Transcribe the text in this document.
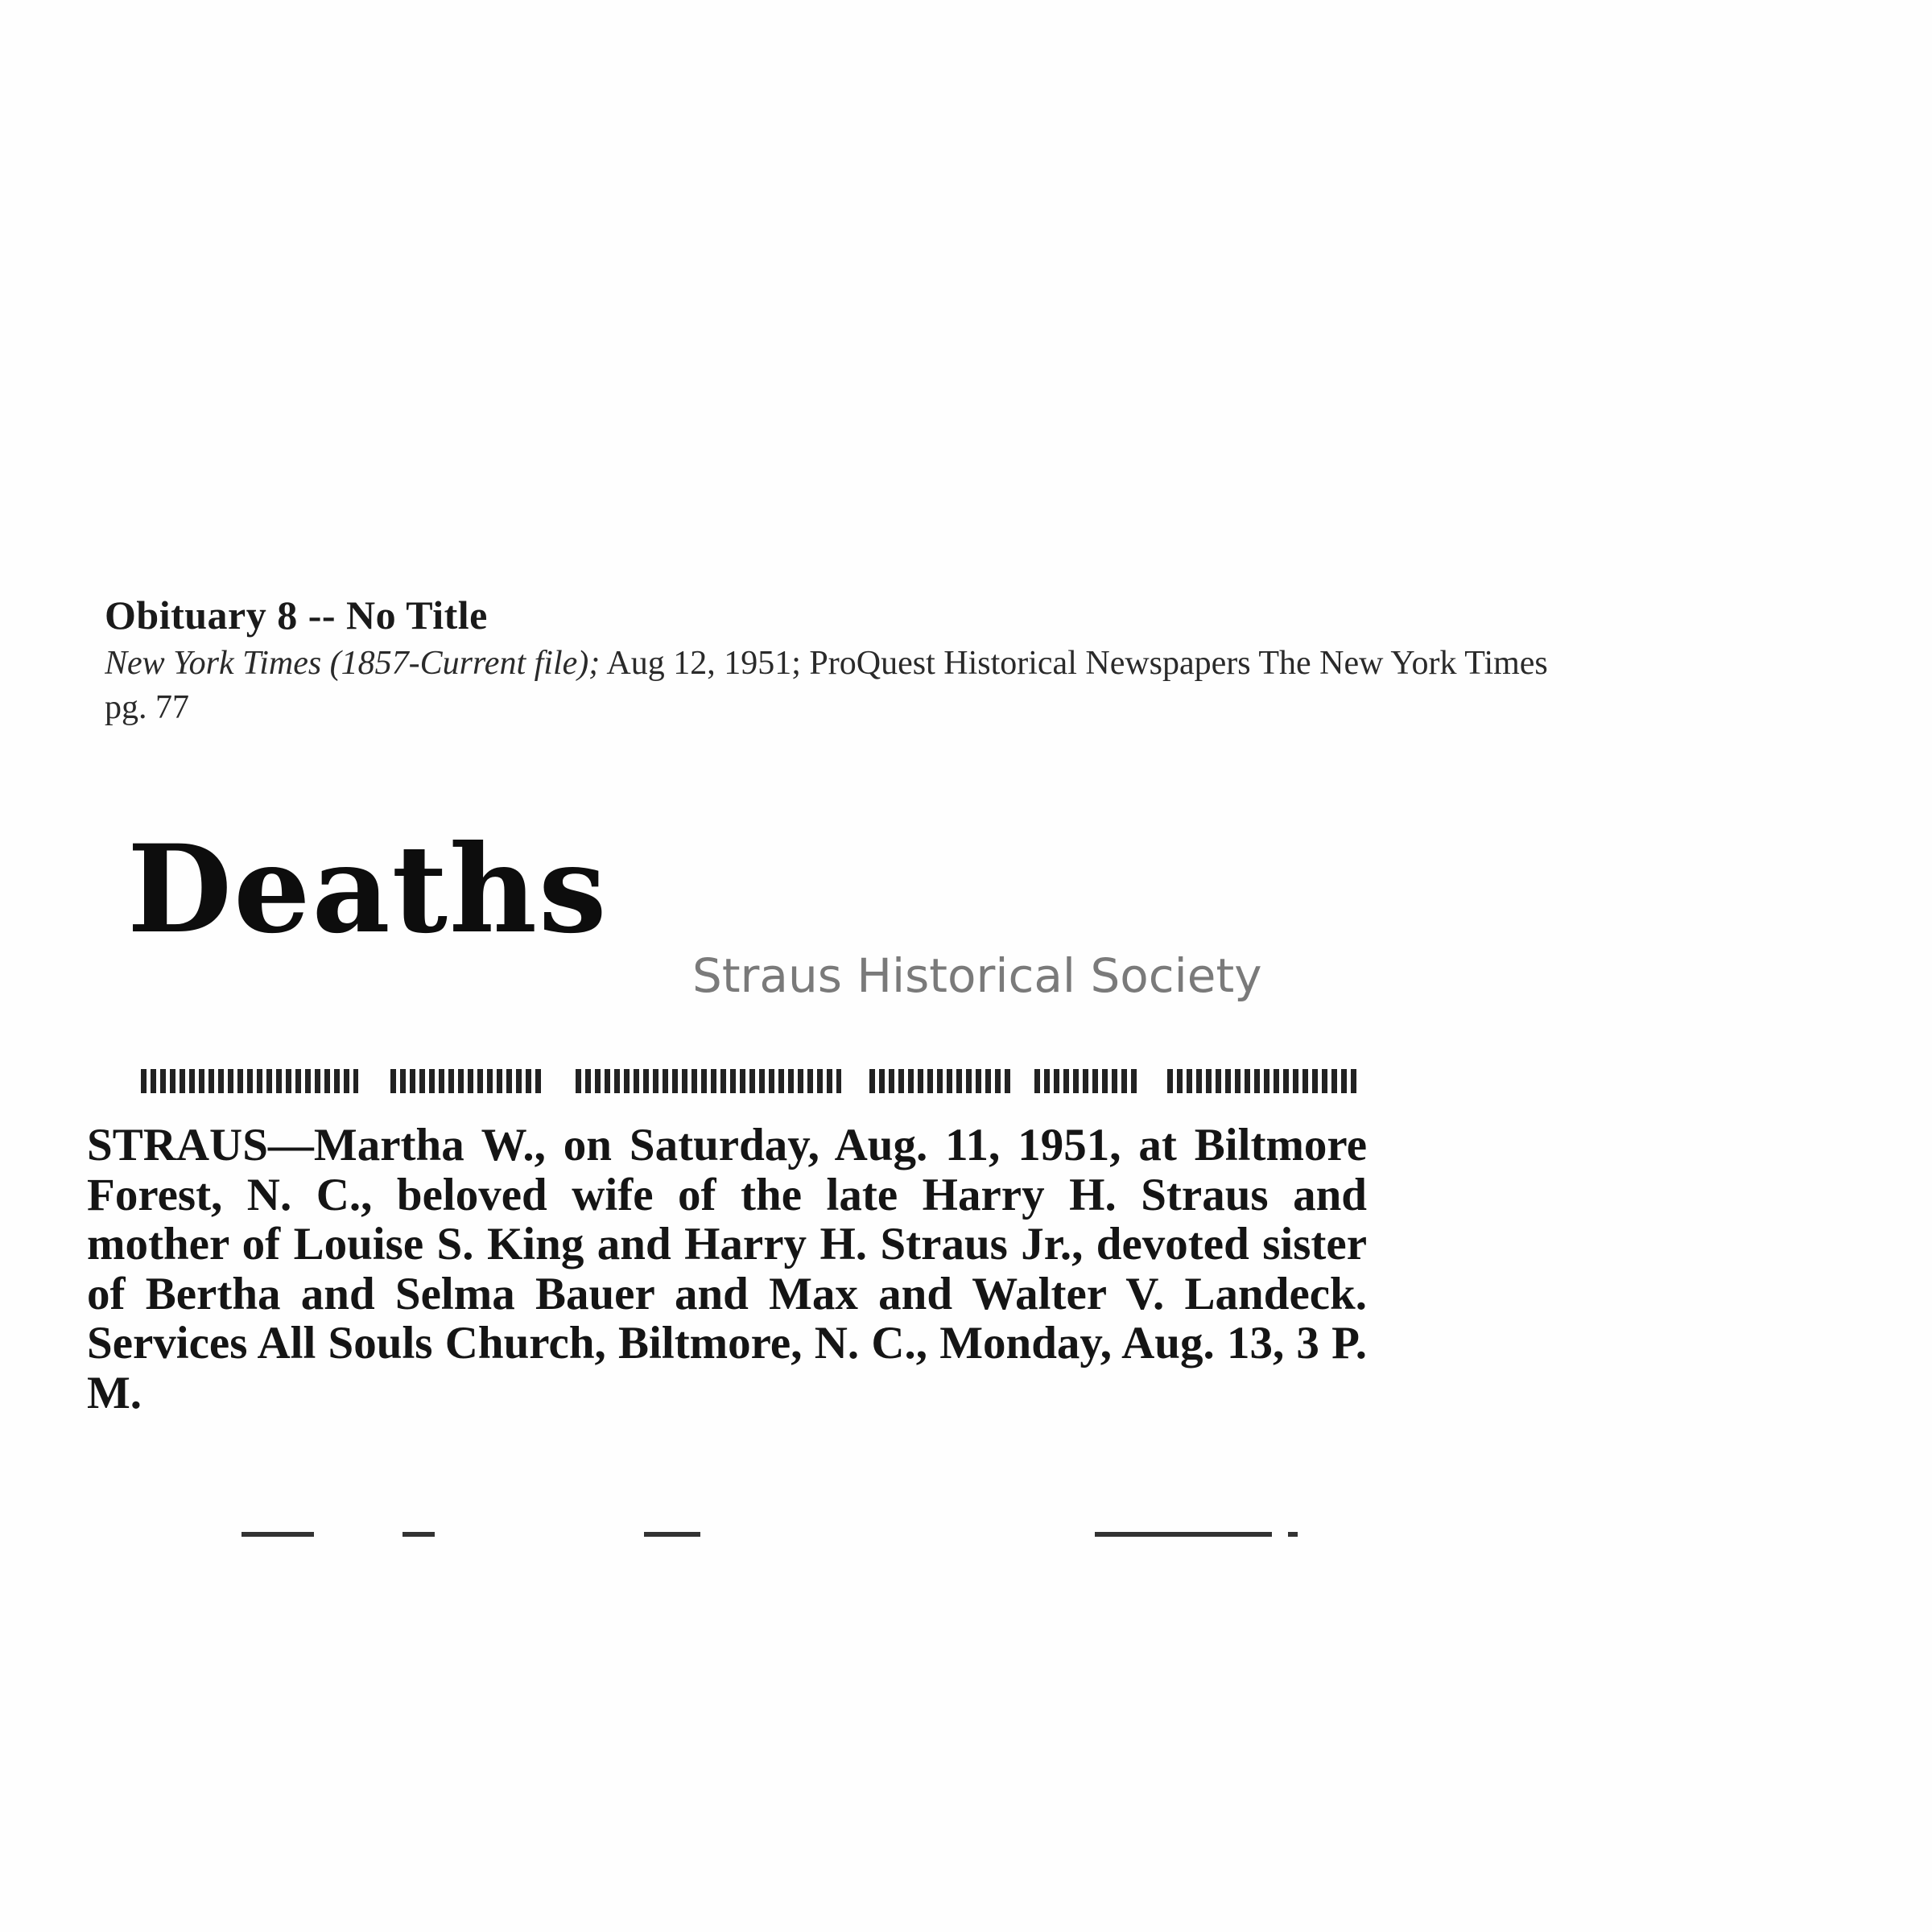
Obituary 8 -- No Title
New York Times (1857-Current file); Aug 12, 1951; ProQuest Historical Newspapers The New York Times
pg. 77
Deaths
Straus Historical Society
STRAUS—Martha W., on Saturday, Aug. 11, 1951, at Biltmore Forest, N. C., beloved wife of the late Harry H. Straus and mother of Louise S. King and Harry H. Straus Jr., devoted sister of Bertha and Selma Bauer and Max and Walter V. Landeck. Services All Souls Church, Biltmore, N. C., Monday, Aug. 13, 3 P. M.
